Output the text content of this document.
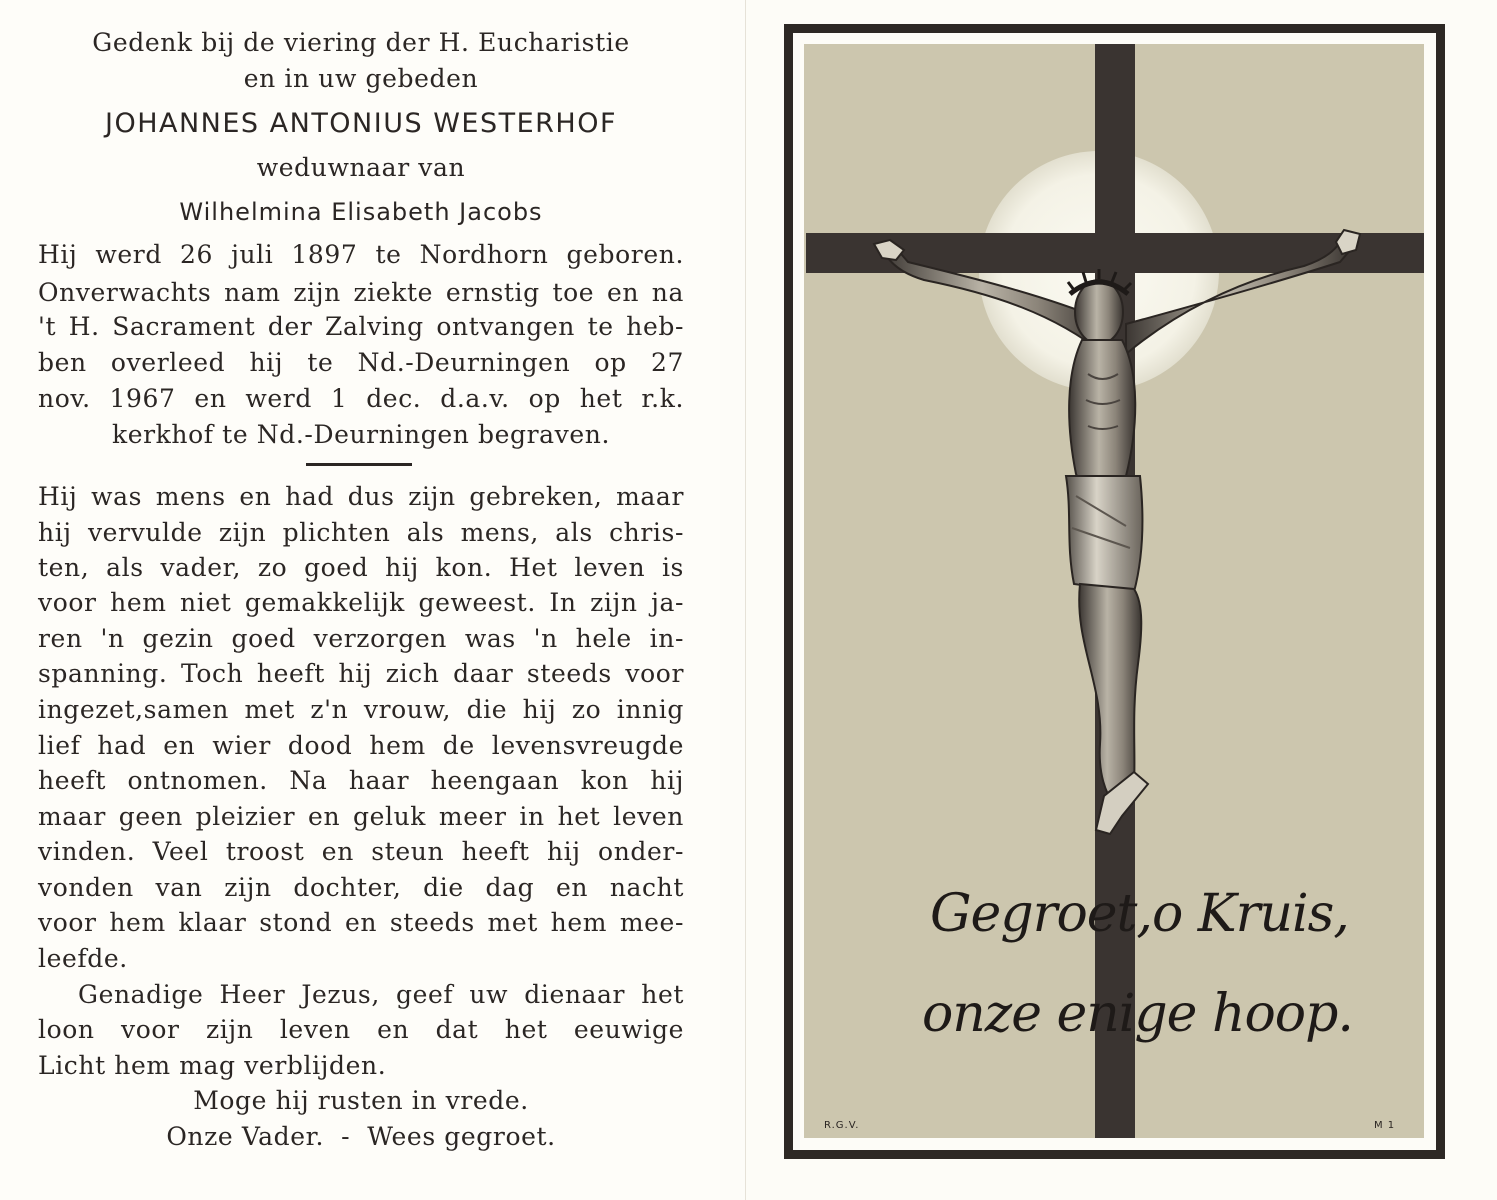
Gedenk bij de viering der H. Eucharistie
en in uw gebeden
JOHANNES ANTONIUS WESTERHOF
weduwnaar van
Wilhelmina Elisabeth Jacobs
Hij werd 26 juli 1897 te Nordhorn geboren.
Onverwachts nam zijn ziekte ernstig toe en na
't H. Sacrament der Zalving ontvangen te heb-
ben overleed hij te Nd.-Deurningen op 27
nov. 1967 en werd 1 dec. d.a.v. op het r.k.
kerkhof te Nd.-Deurningen begraven.
Hij was mens en had dus zijn gebreken, maar
hij vervulde zijn plichten als mens, als chris-
ten, als vader, zo goed hij kon. Het leven is
voor hem niet gemakkelijk geweest. In zijn ja-
ren 'n gezin goed verzorgen was 'n hele in-
spanning. Toch heeft hij zich daar steeds voor
ingezet,samen met z'n vrouw, die hij zo innig
lief had en wier dood hem de levensvreugde
heeft ontnomen. Na haar heengaan kon hij
maar geen pleizier en geluk meer in het leven
vinden. Veel troost en steun heeft hij onder-
vonden van zijn dochter, die dag en nacht
voor hem klaar stond en steeds met hem mee-
leefde.
Genadige Heer Jezus, geef uw dienaar het
loon voor zijn leven en dat het eeuwige
Licht hem mag verblijden.
Moge hij rusten in vrede.
Onze Vader.  -  Wees gegroet.
Gegroet,o Kruis,
onze enige hoop.
R.G.V.	M 1
